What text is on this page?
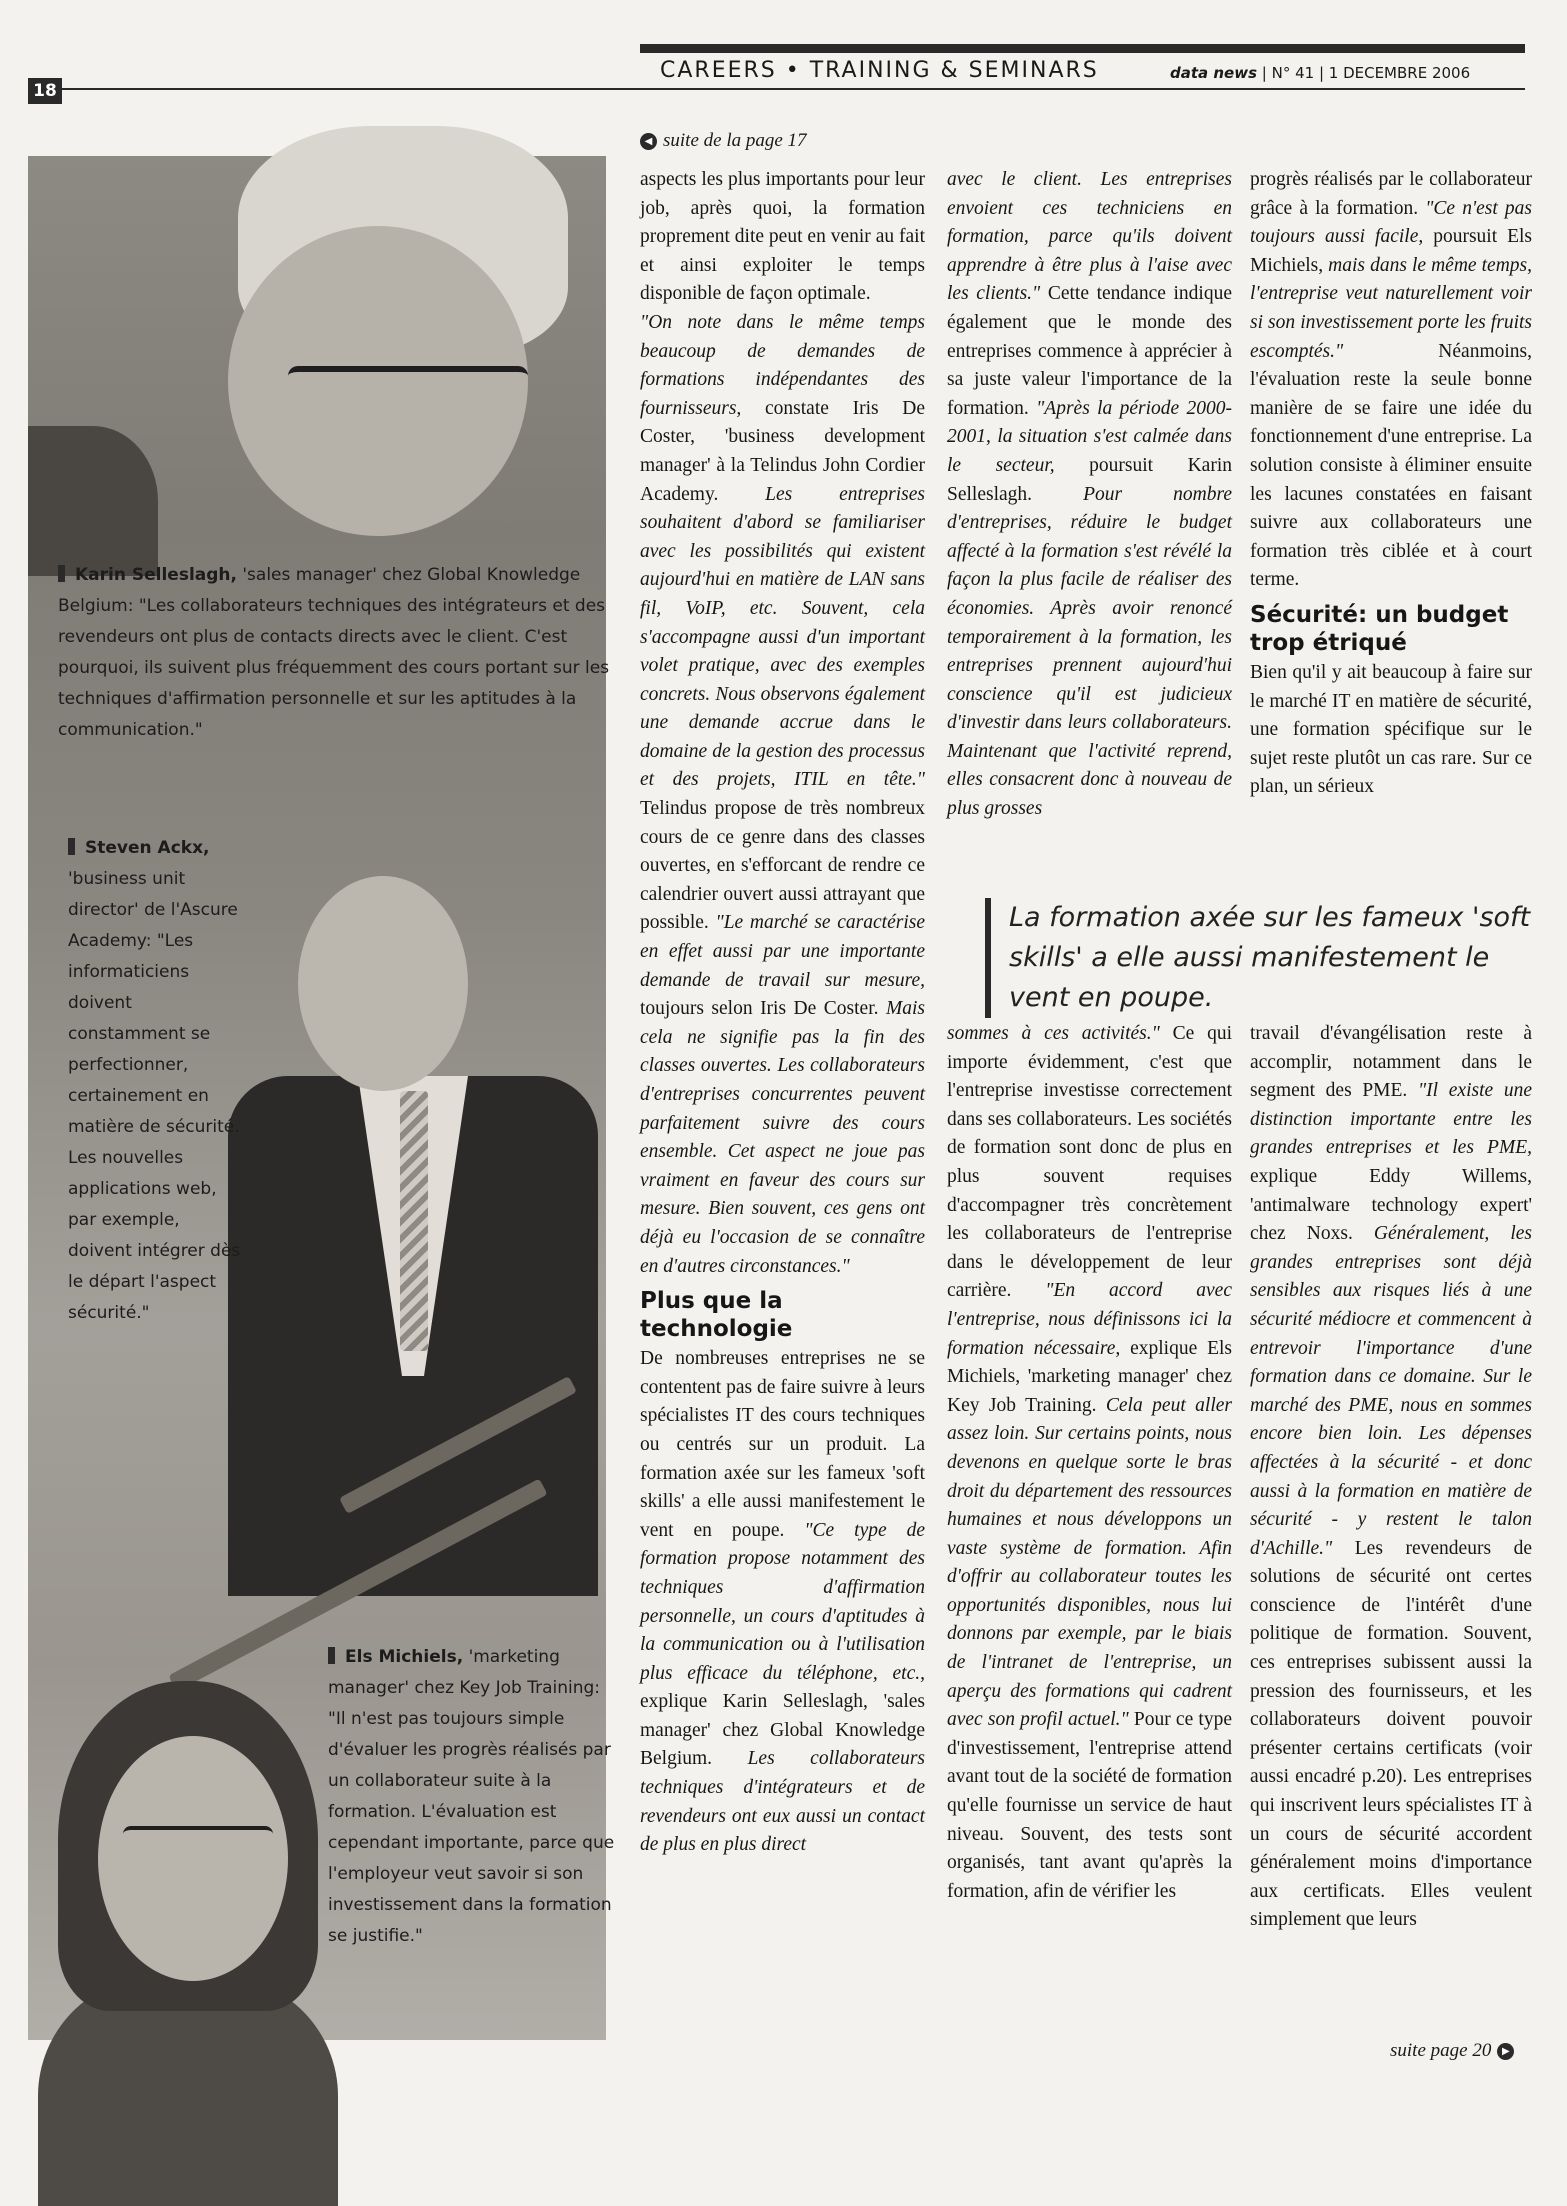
CAREERS • TRAINING & SEMINARS	data news | N° 41 | 1 DECEMBRE 2006
18
◀ suite de la page 17
Karin Selleslagh, 'sales manager' chez Global Knowledge Belgium: "Les collaborateurs techniques des intégrateurs et des revendeurs ont plus de contacts directs avec le client. C'est pourquoi, ils suivent plus fréquemment des cours portant sur les techniques d'affirmation personnelle et sur les aptitudes à la communication."
Steven Ackx, 'business unit director' de l'Ascure Academy: "Les informaticiens doivent constamment se perfectionner, certainement en matière de sécurité. Les nouvelles applications web, par exemple, doivent intégrer dès le départ l'aspect sécurité."
Els Michiels, 'marketing manager' chez Key Job Training: "Il n'est pas toujours simple d'évaluer les progrès réalisés par un collaborateur suite à la formation. L'évaluation est cependant importante, parce que l'employeur veut savoir si son investissement dans la formation se justifie."

aspects les plus importants pour leur job, après quoi, la formation proprement dite peut en venir au fait et ainsi exploiter le temps disponible de façon optimale.

"On note dans le même temps beaucoup de demandes de formations indépendantes des fournisseurs, constate Iris De Coster, 'business development manager' à la Telindus John Cordier Academy. Les entreprises souhaitent d'abord se familiariser avec les possibilités qui existent aujourd'hui en matière de LAN sans fil, VoIP, etc. Souvent, cela s'accompagne aussi d'un important volet pratique, avec des exemples concrets. Nous observons également une demande accrue dans le domaine de la gestion des processus et des projets, ITIL en tête." Telindus propose de très nombreux cours de ce genre dans des classes ouvertes, en s'efforcant de rendre ce calendrier ouvert aussi attrayant que possible. "Le marché se caractérise en effet aussi par une importante demande de travail sur mesure, toujours selon Iris De Coster. Mais cela ne signifie pas la fin des classes ouvertes. Les collaborateurs d'entreprises concurrentes peuvent parfaitement suivre des cours ensemble. Cet aspect ne joue pas vraiment en faveur des cours sur mesure. Bien souvent, ces gens ont déjà eu l'occasion de se connaître en d'autres circonstances."

Plus que la technologie

De nombreuses entreprises ne se contentent pas de faire suivre à leurs spécialistes IT des cours techniques ou centrés sur un produit. La formation axée sur les fameux 'soft skills' a elle aussi manifestement le vent en poupe. "Ce type de formation propose notamment des techniques d'affirmation personnelle, un cours d'aptitudes à la communication ou à l'utilisation plus efficace du téléphone, etc., explique Karin Selleslagh, 'sales manager' chez Global Knowledge Belgium. Les collaborateurs techniques d'intégrateurs et de revendeurs ont eux aussi un contact de plus en plus direct

avec le client. Les entreprises envoient ces techniciens en formation, parce qu'ils doivent apprendre à être plus à l'aise avec les clients." Cette tendance indique également que le monde des entreprises commence à apprécier à sa juste valeur l'importance de la formation. "Après la période 2000-2001, la situation s'est calmée dans le secteur, poursuit Karin Selleslagh. Pour nombre d'entreprises, réduire le budget affecté à la formation s'est révélé la façon la plus facile de réaliser des économies. Après avoir renoncé temporairement à la formation, les entreprises prennent aujourd'hui conscience qu'il est judicieux d'investir dans leurs collaborateurs. Maintenant que l'activité reprend, elles consacrent donc à nouveau de plus grosses

progrès réalisés par le collaborateur grâce à la formation. "Ce n'est pas toujours aussi facile, poursuit Els Michiels, mais dans le même temps, l'entreprise veut naturellement voir si son investissement porte les fruits escomptés." Néanmoins, l'évaluation reste la seule bonne manière de se faire une idée du fonctionnement d'une entreprise. La solution consiste à éliminer ensuite les lacunes constatées en faisant suivre aux collaborateurs une formation très ciblée et à court terme.

Sécurité: un budget trop étriqué

Bien qu'il y ait beaucoup à faire sur le marché IT en matière de sécurité, une formation spécifique sur le sujet reste plutôt un cas rare. Sur ce plan, un sérieux

La formation axée sur les fameux 'soft skills' a elle aussi manifestement le vent en poupe.

sommes à ces activités." Ce qui importe évidemment, c'est que l'entreprise investisse correctement dans ses collaborateurs. Les sociétés de formation sont donc de plus en plus souvent requises d'accompagner très concrètement les collaborateurs de l'entreprise dans le développement de leur carrière. "En accord avec l'entreprise, nous définissons ici la formation nécessaire, explique Els Michiels, 'marketing manager' chez Key Job Training. Cela peut aller assez loin. Sur certains points, nous devenons en quelque sorte le bras droit du département des ressources humaines et nous développons un vaste système de formation. Afin d'offrir au collaborateur toutes les opportunités disponibles, nous lui donnons par exemple, par le biais de l'intranet de l'entreprise, un aperçu des formations qui cadrent avec son profil actuel." Pour ce type d'investissement, l'entreprise attend avant tout de la société de formation qu'elle fournisse un service de haut niveau. Souvent, des tests sont organisés, tant avant qu'après la formation, afin de vérifier les

travail d'évangélisation reste à accomplir, notamment dans le segment des PME. "Il existe une distinction importante entre les grandes entreprises et les PME, explique Eddy Willems, 'antimalware technology expert' chez Noxs. Généralement, les grandes entreprises sont déjà sensibles aux risques liés à une sécurité médiocre et commencent à entrevoir l'importance d'une formation dans ce domaine. Sur le marché des PME, nous en sommes encore bien loin. Les dépenses affectées à la sécurité - et donc aussi à la formation en matière de sécurité - y restent le talon d'Achille." Les revendeurs de solutions de sécurité ont certes conscience de l'intérêt d'une politique de formation. Souvent, ces entreprises subissent aussi la pression des fournisseurs, et les collaborateurs doivent pouvoir présenter certains certificats (voir aussi encadré p.20). Les entreprises qui inscrivent leurs spécialistes IT à un cours de sécurité accordent généralement moins d'importance aux certificats. Elles veulent simplement que leurs

suite page 20 ▶
